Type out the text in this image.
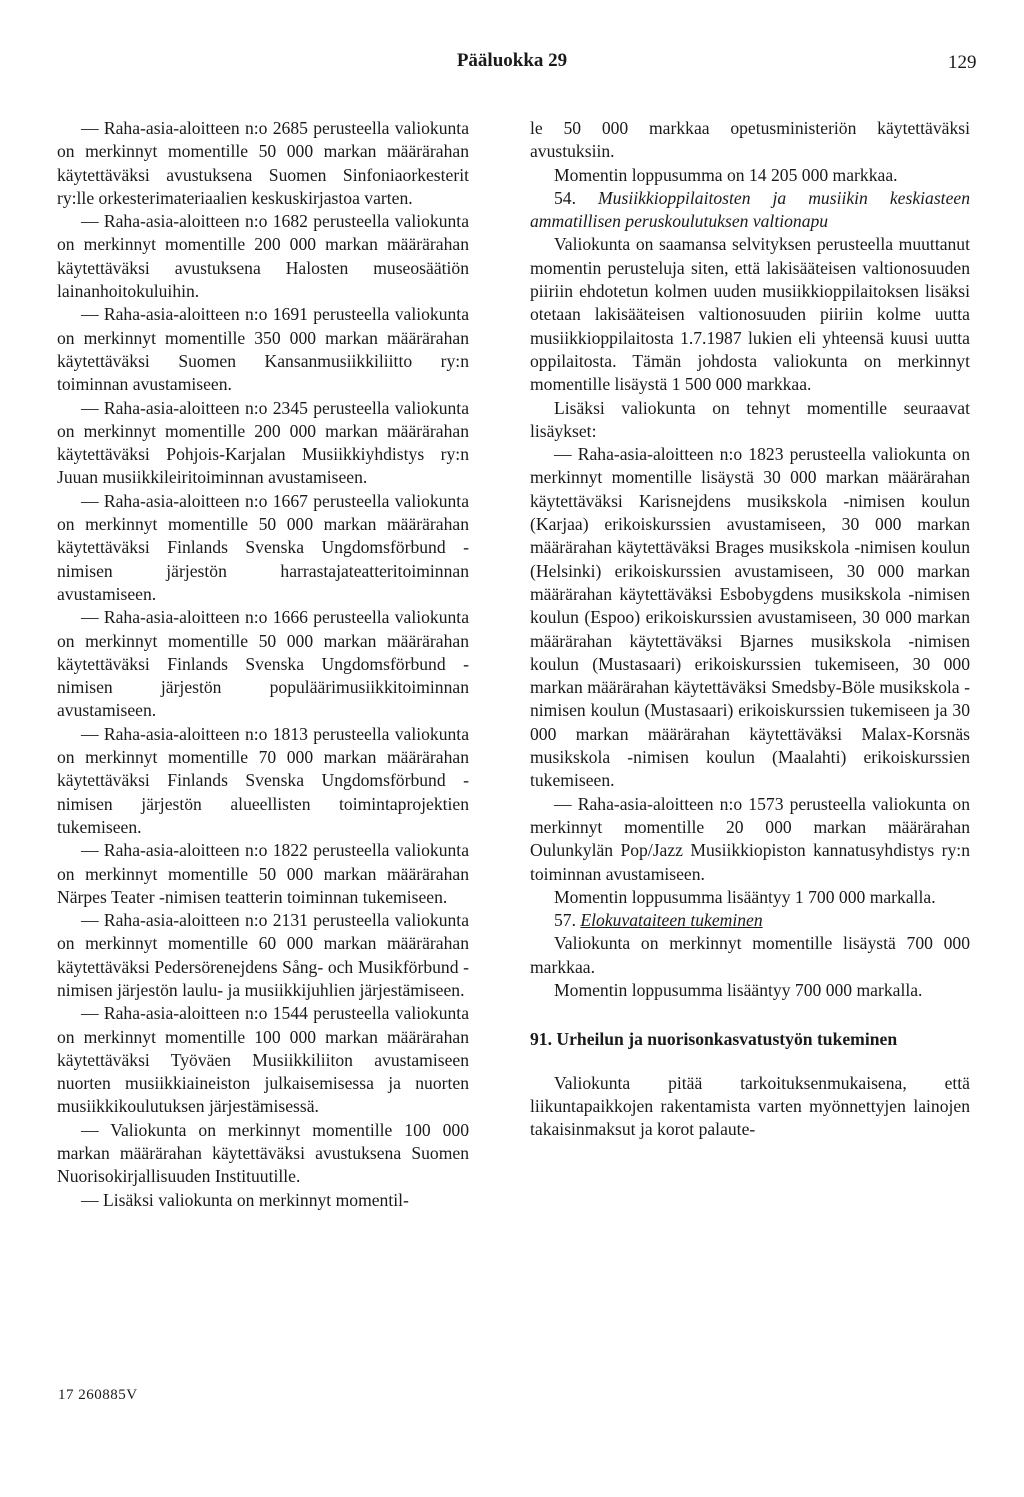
Pääluokka 29	129

— Raha-asia-aloitteen n:o 2685 perusteella valiokunta on merkinnyt momentille 50 000 markan määrärahan käytettäväksi avustuksena Suomen Sinfoniaorkesterit ry:lle orkesterimateriaalien keskuskirjastoa varten.

— Raha-asia-aloitteen n:o 1682 perusteella valiokunta on merkinnyt momentille 200 000 markan määrärahan käytettäväksi avustuksena Halosten museosäätiön lainanhoitokuluihin.

— Raha-asia-aloitteen n:o 1691 perusteella valiokunta on merkinnyt momentille 350 000 markan määrärahan käytettäväksi Suomen Kansanmusiikkiliitto ry:n toiminnan avustamiseen.

— Raha-asia-aloitteen n:o 2345 perusteella valiokunta on merkinnyt momentille 200 000 markan määrärahan käytettäväksi Pohjois-Karjalan Musiikkiyhdistys ry:n Juuan musiikkileiritoiminnan avustamiseen.

— Raha-asia-aloitteen n:o 1667 perusteella valiokunta on merkinnyt momentille 50 000 markan määrärahan käytettäväksi Finlands Svenska Ungdomsförbund -nimisen järjestön harrastajateatteritoiminnan avustamiseen.

— Raha-asia-aloitteen n:o 1666 perusteella valiokunta on merkinnyt momentille 50 000 markan määrärahan käytettäväksi Finlands Svenska Ungdomsförbund -nimisen järjestön populäärimusiikkitoiminnan avustamiseen.

— Raha-asia-aloitteen n:o 1813 perusteella valiokunta on merkinnyt momentille 70 000 markan määrärahan käytettäväksi Finlands Svenska Ungdomsförbund -nimisen järjestön alueellisten toimintaprojektien tukemiseen.

— Raha-asia-aloitteen n:o 1822 perusteella valiokunta on merkinnyt momentille 50 000 markan määrärahan Närpes Teater -nimisen teatterin toiminnan tukemiseen.

— Raha-asia-aloitteen n:o 2131 perusteella valiokunta on merkinnyt momentille 60 000 markan määrärahan käytettäväksi Pedersörenejdens Sång- och Musikförbund -nimisen järjestön laulu- ja musiikkijuhlien järjestämiseen.

— Raha-asia-aloitteen n:o 1544 perusteella valiokunta on merkinnyt momentille 100 000 markan määrärahan käytettäväksi Työväen Musiikkiliiton avustamiseen nuorten musiikkiaineiston julkaisemisessa ja nuorten musiikkikoulutuksen järjestämisessä.

— Valiokunta on merkinnyt momentille 100 000 markan määrärahan käytettäväksi avustuksena Suomen Nuorisokirjallisuuden Instituutille.

— Lisäksi valiokunta on merkinnyt momentil-

le 50 000 markkaa opetusministeriön käytettäväksi avustuksiin.

Momentin loppusumma on 14 205 000 markkaa.

54. Musiikkioppilaitosten ja musiikin keskiasteen ammatillisen peruskoulutuksen valtionapu

Valiokunta on saamansa selvityksen perusteella muuttanut momentin perusteluja siten, että lakisääteisen valtionosuuden piiriin ehdotetun kolmen uuden musiikkioppilaitoksen lisäksi otetaan lakisääteisen valtionosuuden piiriin kolme uutta musiikkioppilaitosta 1.7.1987 lukien eli yhteensä kuusi uutta oppilaitosta. Tämän johdosta valiokunta on merkinnyt momentille lisäystä 1 500 000 markkaa.

Lisäksi valiokunta on tehnyt momentille seuraavat lisäykset:

— Raha-asia-aloitteen n:o 1823 perusteella valiokunta on merkinnyt momentille lisäystä 30 000 markan määrärahan käytettäväksi Karisnejdens musikskola -nimisen koulun (Karjaa) erikoiskurssien avustamiseen, 30 000 markan määrärahan käytettäväksi Brages musikskola -nimisen koulun (Helsinki) erikoiskurssien avustamiseen, 30 000 markan määrärahan käytettäväksi Esbobygdens musikskola -nimisen koulun (Espoo) erikoiskurssien avustamiseen, 30 000 markan määrärahan käytettäväksi Bjarnes musikskola -nimisen koulun (Mustasaari) erikoiskurssien tukemiseen, 30 000 markan määrärahan käytettäväksi Smedsby-Böle musikskola -nimisen koulun (Mustasaari) erikoiskurssien tukemiseen ja 30 000 markan määrärahan käytettäväksi Malax-Korsnäs musikskola -nimisen koulun (Maalahti) erikoiskurssien tukemiseen.

— Raha-asia-aloitteen n:o 1573 perusteella valiokunta on merkinnyt momentille 20 000 markan määrärahan Oulunkylän Pop/Jazz Musiikkiopiston kannatusyhdistys ry:n toiminnan avustamiseen.

Momentin loppusumma lisääntyy 1 700 000 markalla.

57. Elokuvataiteen tukeminen

Valiokunta on merkinnyt momentille lisäystä 700 000 markkaa.

Momentin loppusumma lisääntyy 700 000 markalla.

91. Urheilun ja nuorisonkasvatustyön tukeminen

Valiokunta pitää tarkoituksenmukaisena, että liikuntapaikkojen rakentamista varten myönnettyjen lainojen takaisinmaksut ja korot palaute-

17 260885V
